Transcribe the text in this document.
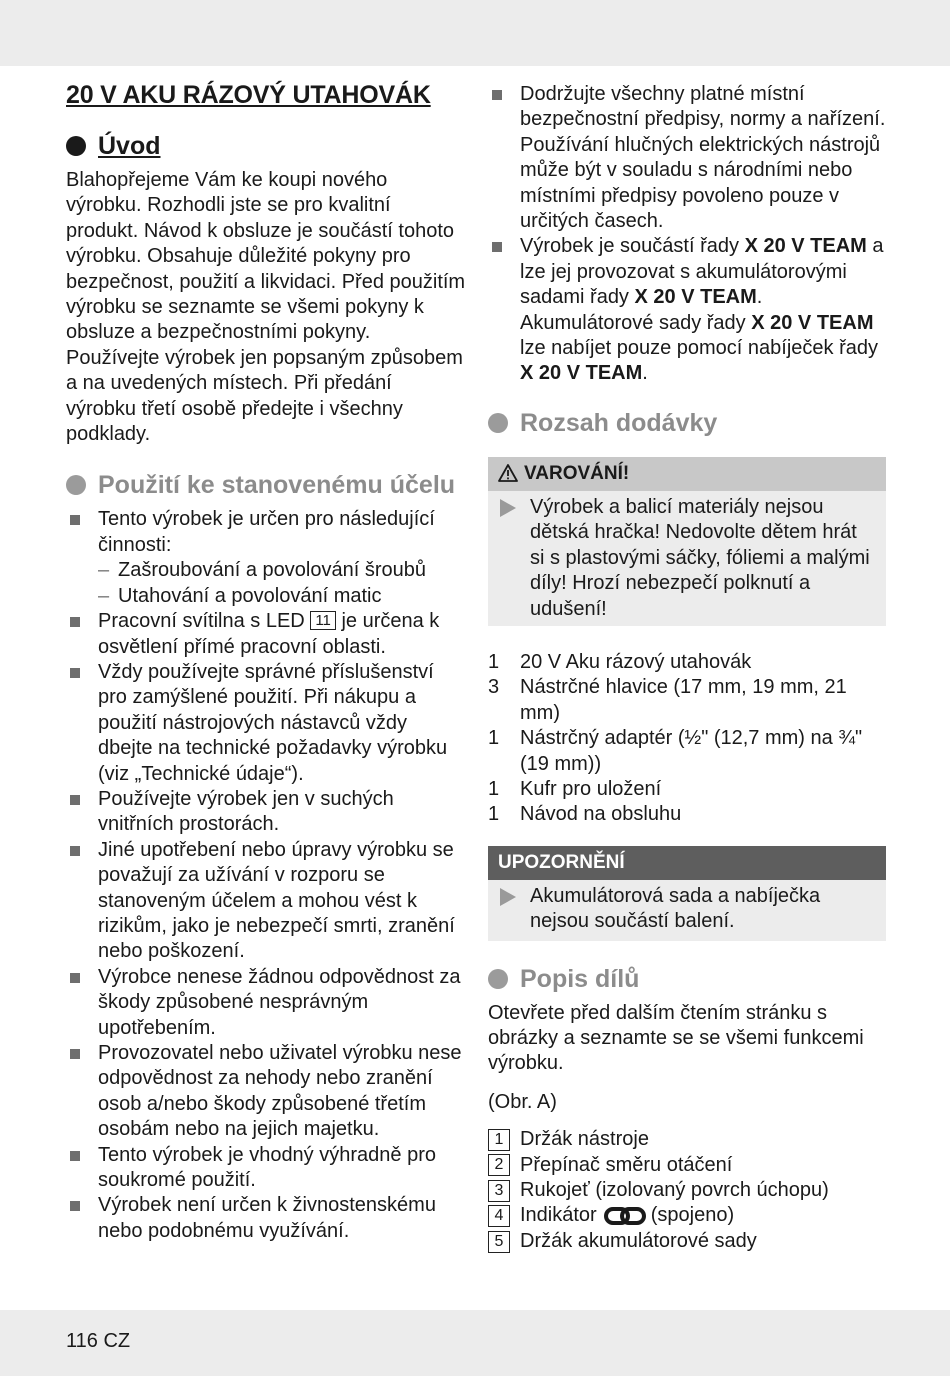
20 V AKU RÁZOVÝ UTAHOVÁK
Úvod

Blahopřejeme Vám ke koupi nového výrobku. Rozhodli jste se pro kvalitní produkt. Návod k obsluze je součástí tohoto výrobku. Obsahuje důležité pokyny pro bezpečnost, použití a likvidaci. Před použitím výrobku se seznamte se všemi pokyny k obsluze a bezpečnostními pokyny. Používejte výrobek jen popsaným způsobem a na uvedených místech. Při předání výrobku třetí osobě předejte i všechny podklady.

Použití ke stanovenému účelu
Tento výrobek je určen pro následující činnosti:
– Zašroubování a povolování šroubů
– Utahování a povolování matic
Pracovní svítilna s LED 11 je určena k osvětlení přímé pracovní oblasti.
Vždy používejte správné příslušenství pro zamýšlené použití. Při nákupu a použití nástrojových nástavců vždy dbejte na technické požadavky výrobku (viz „Technické údaje“).
Používejte výrobek jen v suchých vnitřních prostorách.
Jiné upotřebení nebo úpravy výrobku se považují za užívání v rozporu se stanoveným účelem a mohou vést k rizikům, jako je nebezpečí smrti, zranění nebo poškození.
Výrobce nenese žádnou odpovědnost za škody způsobené nesprávným upotřebením.
Provozovatel nebo uživatel výrobku nese odpovědnost za nehody nebo zranění osob a/nebo škody způsobené třetím osobám nebo na jejich majetku.
Tento výrobek je vhodný výhradně pro soukromé použití.
Výrobek není určen k živnostenskému nebo podobnému využívání.
Dodržujte všechny platné místní bezpečnostní předpisy, normy a nařízení. Používání hlučných elektrických nástrojů může být v souladu s národními nebo místními předpisy povoleno pouze v určitých časech.
Výrobek je součástí řady X 20 V TEAM a lze jej provozovat s akumulátorovými sadami řady X 20 V TEAM. Akumulátorové sady řady X 20 V TEAM lze nabíjet pouze pomocí nabíječek řady X 20 V TEAM.
Rozsah dodávky
VAROVÁNÍ!
Výrobek a balicí materiály nejsou dětská hračka! Nedovolte dětem hrát si s plastovými sáčky, fóliemi a malými díly! Hrozí nebezpečí polknutí a udušení!
1	20 V Aku rázový utahovák
3	Nástrčné hlavice (17 mm, 19 mm, 21 mm)
1	Nástrčný adaptér (½" (12,7 mm) na ¾" (19 mm))
1	Kufr pro uložení
1	Návod na obsluhu
UPOZORNĚNÍ
Akumulátorová sada a nabíječka nejsou součástí balení.
Popis dílů

Otevřete před dalším čtením stránku s obrázky a seznamte se se všemi funkcemi výrobku.

(Obr. A)

1 Držák nástroje
2 Přepínač směru otáčení
3 Rukojeť (izolovaný povrch úchopu)
4 Indikátor	(spojeno)
5 Držák akumulátorové sady
116 CZ
